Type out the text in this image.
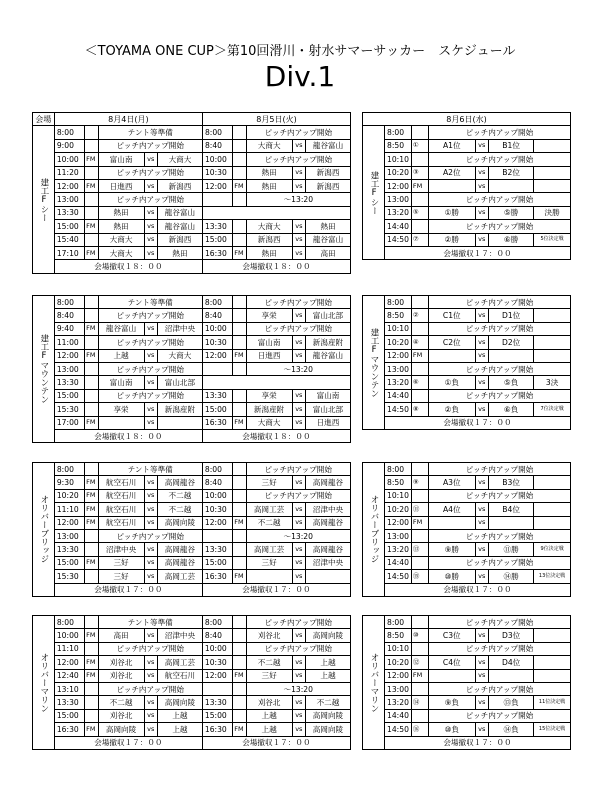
＜TOYAMA ONE CUP＞第10回滑川・射水サマーサッカー　スケジュール
Div.1
会場	8月4日(月)					8月5日(火)				
建工Fシー	8:00		テント等準備			8:00		ピッチ内アップ開始		
	9:00		ピッチ内アップ開始			8:40		大商大	vs	龍谷富山
	10:00	FM	富山南	vs	大商大	10:00		ピッチ内アップ開始		
	11:20		ピッチ内アップ開始			10:30		熱田	vs	新潟西
	12:00	FM	日進西	vs	新潟西	12:00	FM	熱田	vs	新潟西
	13:00		ピッチ内アップ開始					～13:20		
	13:30		熱田	vs	龍谷富山					
	15:00	FM	熱田	vs	龍谷富山	13:30		大商大	vs	熱田
	15:40		大商大	vs	新潟西	15:00		新潟西	vs	龍谷富山
	17:10	FM	大商大	vs	熱田	16:30	FM	熱田	vs	高田
	会場撤収１８：００					会場撤収１８：００				
8月6日(水)						
建工Fシー	8:00		ピッチ内アップ開始			
	8:50	①	A1位	vs	B1位	
	10:10		ピッチ内アップ開始			
	10:20	③	A2位	vs	B2位	
	12:00	FM		vs		
	13:00		ピッチ内アップ開始			
	13:20	⑤	①勝	vs	⑤勝	決勝
	14:40		ピッチ内アップ開始			
	14:50	⑦	②勝	vs	⑥勝	5位決定戦
	会場撤収１７：００					
建工Fマウンテン	8:00		テント等準備			8:00		ピッチ内アップ開始		
	8:40		ピッチ内アップ開始			8:40		享栄	vs	富山北部
	9:40	FM	龍谷富山	vs	沼津中央	10:00		ピッチ内アップ開始		
	11:00		ピッチ内アップ開始			10:30		富山南	vs	新潟産附
	12:00	FM	上越	vs	大商大	12:00	FM	日進西	vs	龍谷富山
	13:00		ピッチ内アップ開始					～13:20		
	13:30		富山南	vs	富山北部					
	15:00		ピッチ内アップ開始			13:30		享栄	vs	富山南
	15:30		享栄	vs	新潟産附	15:00		新潟産附	vs	富山北部
	17:00	FM		vs		16:30	FM	大商大	vs	日進西
	会場撤収１８：００					会場撤収１８：００				
建工Fマウンテン	8:00		ピッチ内アップ開始			
	8:50	②	C1位	vs	D1位	
	10:10		ピッチ内アップ開始			
	10:20	④	C2位	vs	D2位	
	12:00	FM		vs		
	13:00		ピッチ内アップ開始			
	13:20	⑥	①負	vs	⑤負	3決
	14:40		ピッチ内アップ開始			
	14:50	⑧	②負	vs	⑥負	7位決定戦
	会場撤収１７：００					
オリバーブリッジ	8:00		テント等準備			8:00		ピッチ内アップ開始		
	9:30	FM	航空石川	vs	高岡龍谷	8:40		三好	vs	高岡龍谷
	10:20	FM	航空石川	vs	不二越	10:00		ピッチ内アップ開始		
	11:10	FM	航空石川	vs	不二越	10:30		高岡工芸	vs	沼津中央
	12:00	FM	航空石川	vs	高岡向陵	12:00	FM	不二越	vs	高岡龍谷
	13:00		ピッチ内アップ開始					～13:20		
	13:30		沼津中央	vs	高岡龍谷	13:30		高岡工芸	vs	高岡龍谷
	15:00	FM	三好	vs	高岡龍谷	15:00		三好	vs	沼津中央
	15:30		三好	vs	高岡工芸	16:30	FM		vs	
	会場撤収１７：００					会場撤収１７：００				
オリバーブリッジ	8:00		ピッチ内アップ開始			
	8:50	⑨	A3位	vs	B3位	
	10:10		ピッチ内アップ開始			
	10:20	⑪	A4位	vs	B4位	
	12:00	FM		vs		
	13:00		ピッチ内アップ開始			
	13:20	⑬	⑨勝	vs	⑪勝	9位決定戦
	14:40		ピッチ内アップ開始			
	14:50	⑮	⑩勝	vs	⑭勝	13位決定戦
	会場撤収１７：００					
オリバーマリン	8:00		テント等準備			8:00		ピッチ内アップ開始		
	10:00	FM	高田	vs	沼津中央	8:40		刈谷北	vs	高岡向陵
	11:10		ピッチ内アップ開始			10:00		ピッチ内アップ開始		
	12:00	FM	刈谷北	vs	高岡工芸	10:30		不二越	vs	上越
	12:40	FM	刈谷北	vs	航空石川	12:00	FM	三好	vs	上越
	13:10		ピッチ内アップ開始					～13:20		
	13:30		不二越	vs	高岡向陵	13:30		刈谷北	vs	不二越
	15:00		刈谷北	vs	上越	15:00		上越	vs	高岡向陵
	16:30	FM	高岡向陵	vs	上越	16:30	FM	上越	vs	高岡向陵
	会場撤収１７：００					会場撤収１７：００				
オリバーマリン	8:00		ピッチ内アップ開始			
	8:50	⑩	C3位	vs	D3位	
	10:10		ピッチ内アップ開始			
	10:20	⑫	C4位	vs	D4位	
	12:00	FM		vs		
	13:00		ピッチ内アップ開始			
	13:20	⑭	⑨負	vs	⑬負	11位決定戦
	14:40		ピッチ内アップ開始			
	14:50	⑯	⑩負	vs	⑭負	15位決定戦
	会場撤収１７：００					
